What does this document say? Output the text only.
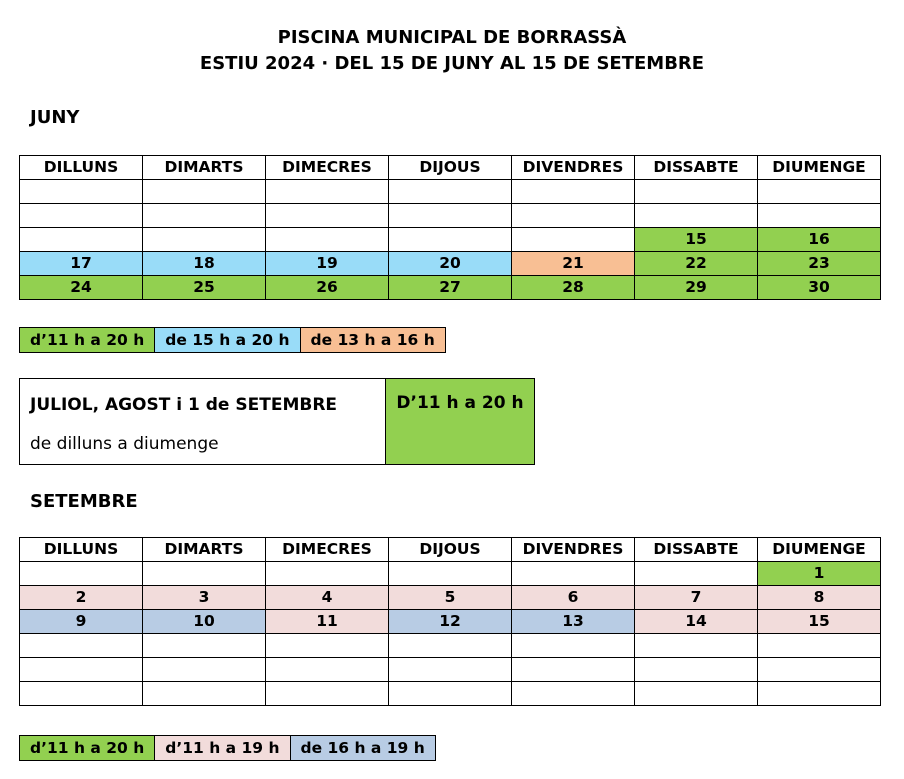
PISCINA MUNICIPAL DE BORRASSÀ
ESTIU 2024 · DEL 15 DE JUNY AL 15 DE SETEMBRE
JUNY
DILLUNS	DIMARTS	DIMECRES	DIJOUS	DIVENDRES	DISSABTE	DIUMENGE

					15	16
17	18	19	20	21	22	23
24	25	26	27	28	29	30
d’11 h a 20 h	de 15 h a 20 h	de 13 h a 16 h
JULIOL, AGOST i 1 de SETEMBRE
de dilluns a diumenge
D’11 h a 20 h
SETEMBRE
DILLUNS	DIMARTS	DIMECRES	DIJOUS	DIVENDRES	DISSABTE	DIUMENGE
						1
2	3	4	5	6	7	8
9	10	11	12	13	14	15

d’11 h a 20 h	d’11 h a 19 h	de 16 h a 19 h
